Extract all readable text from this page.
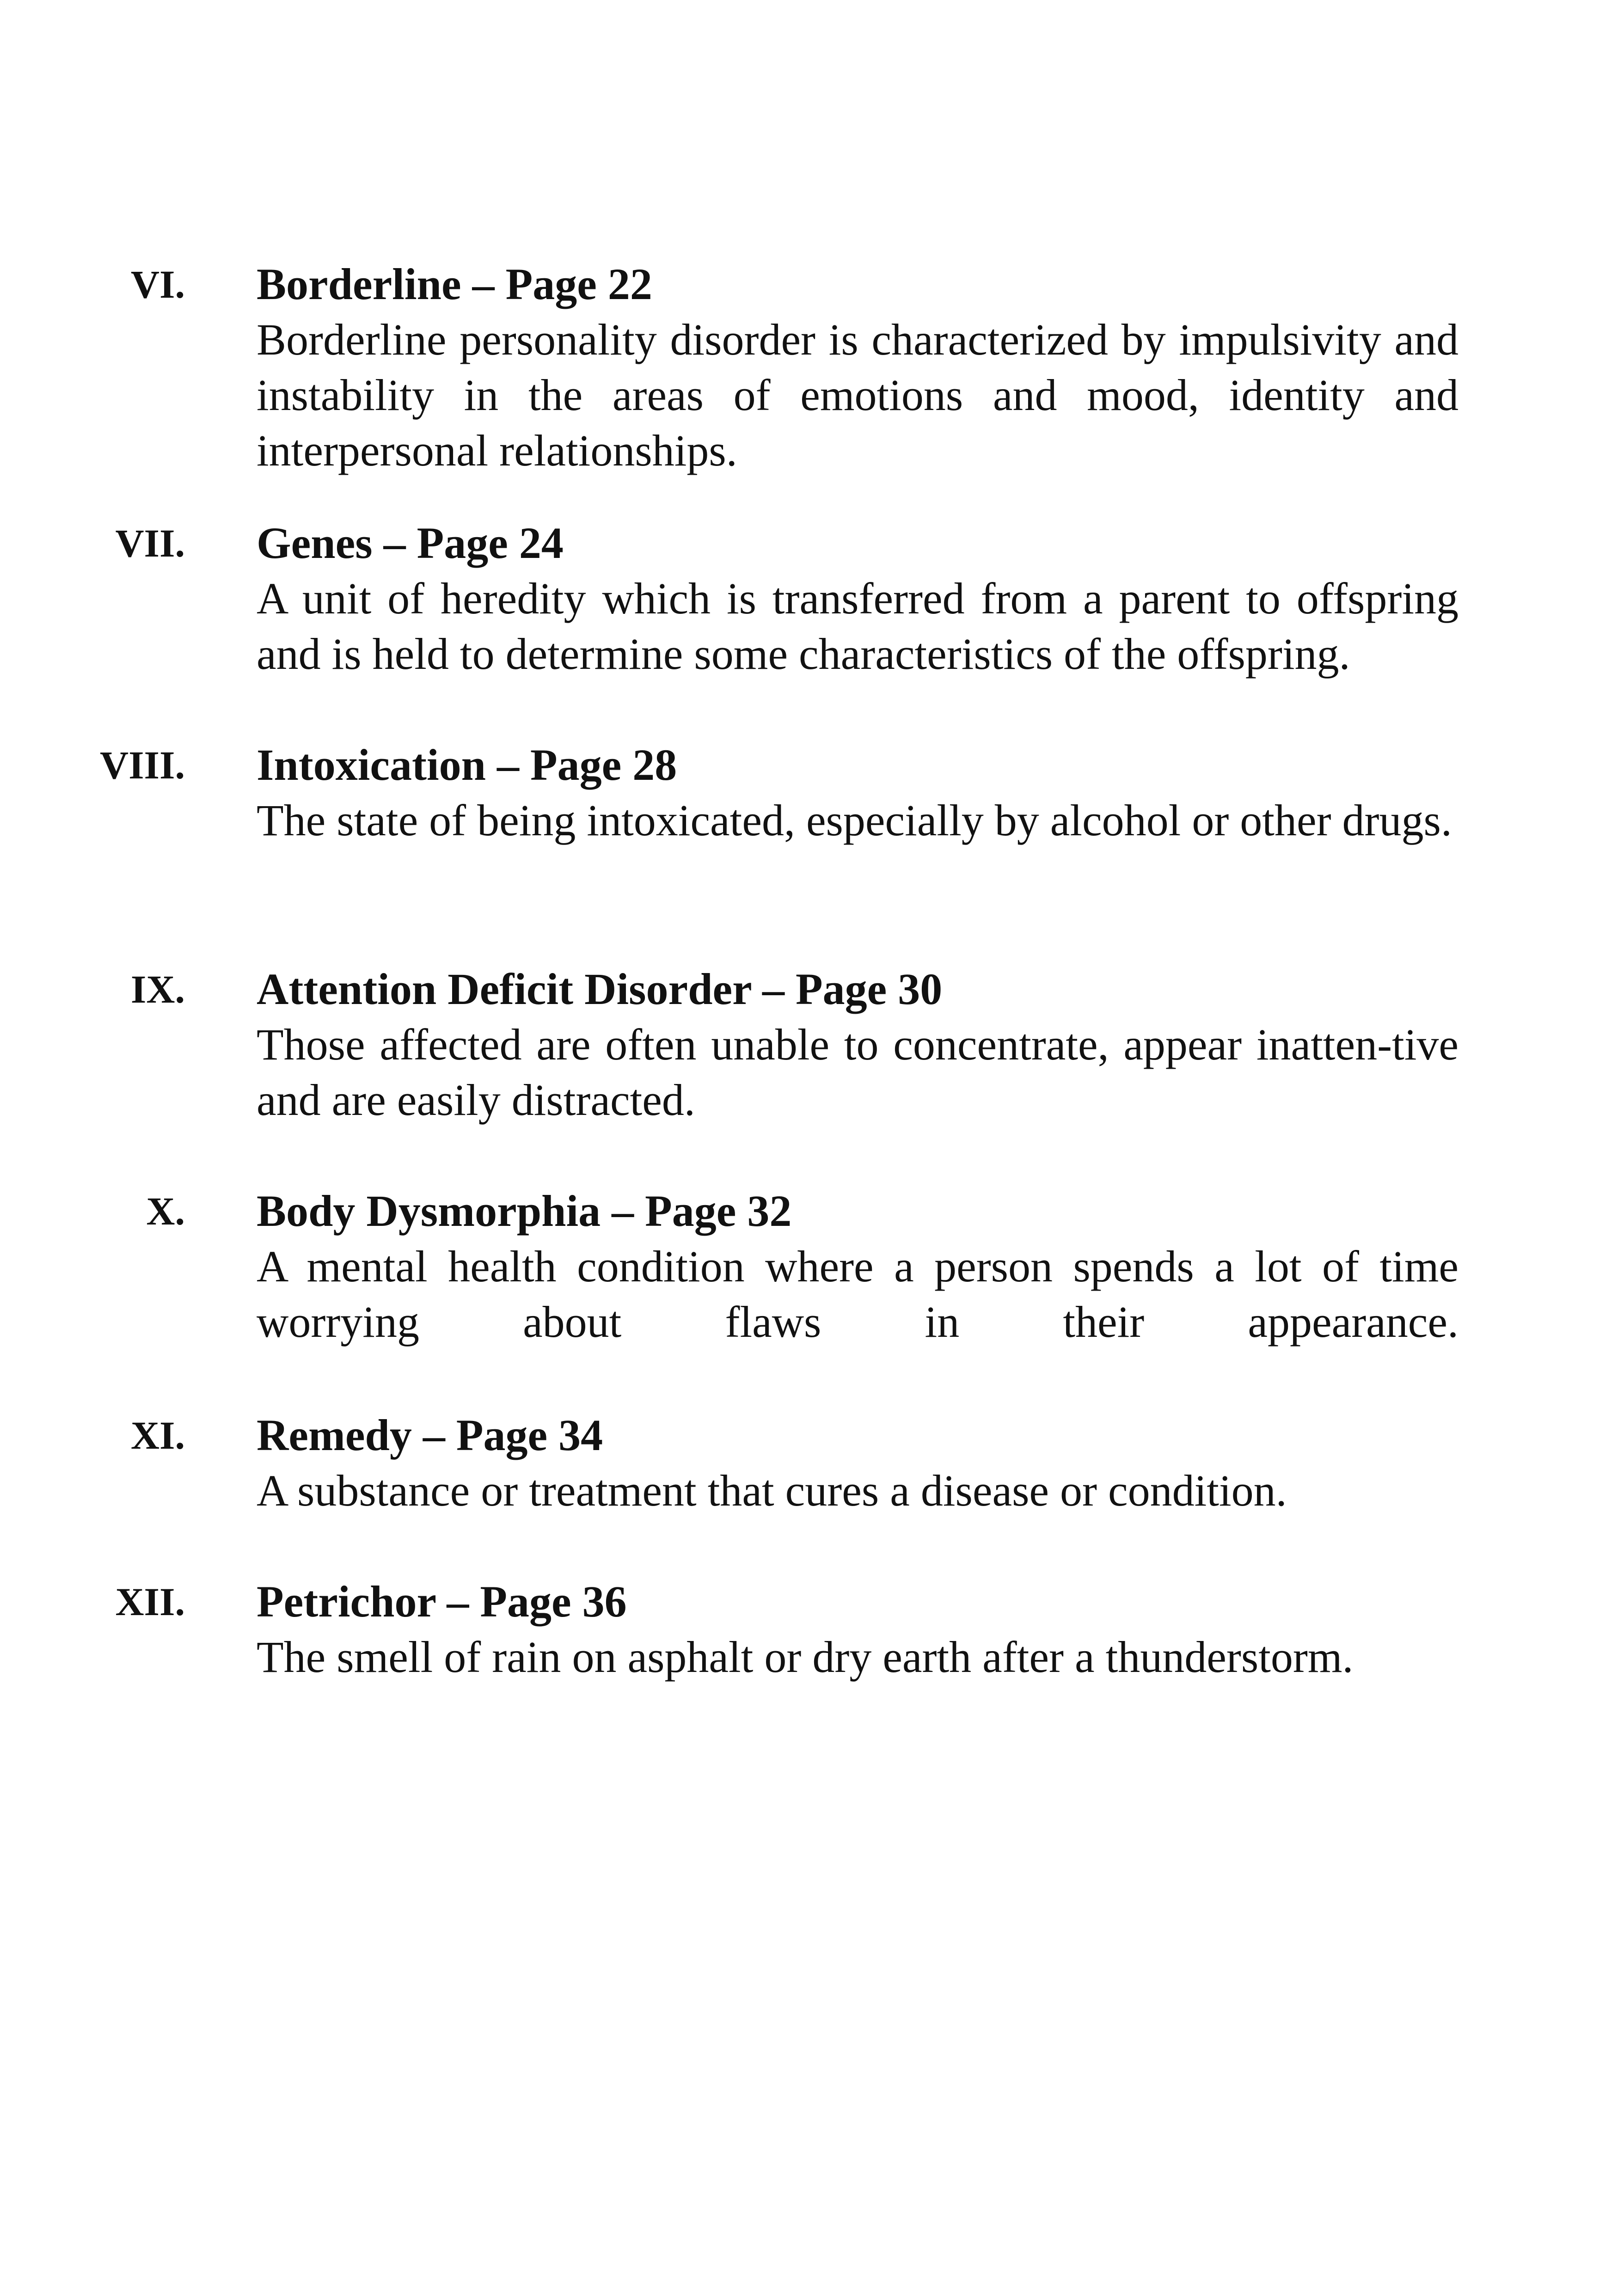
VI. Borderline – Page 22

Borderline personality disorder is characterized by impulsivity and instability in the areas of emotions and mood, identity and interpersonal relationships.

VII. Genes – Page 24

A unit of heredity which is transferred from a parent to offspring and is held to determine some characteristics of the offspring.

VIII. Intoxication – Page 28

The state of being intoxicated, especially by alcohol or other drugs.

IX. Attention Deficit Disorder – Page 30

Those affected are often unable to concentrate, appear inatten-tive and are easily distracted.

X. Body Dysmorphia – Page 32

A mental health condition where a person spends a lot of time worrying about flaws in their appearance.

XI. Remedy – Page 34

A substance or treatment that cures a disease or condition.

XII. Petrichor – Page 36

The smell of rain on asphalt or dry earth after a thunderstorm.
